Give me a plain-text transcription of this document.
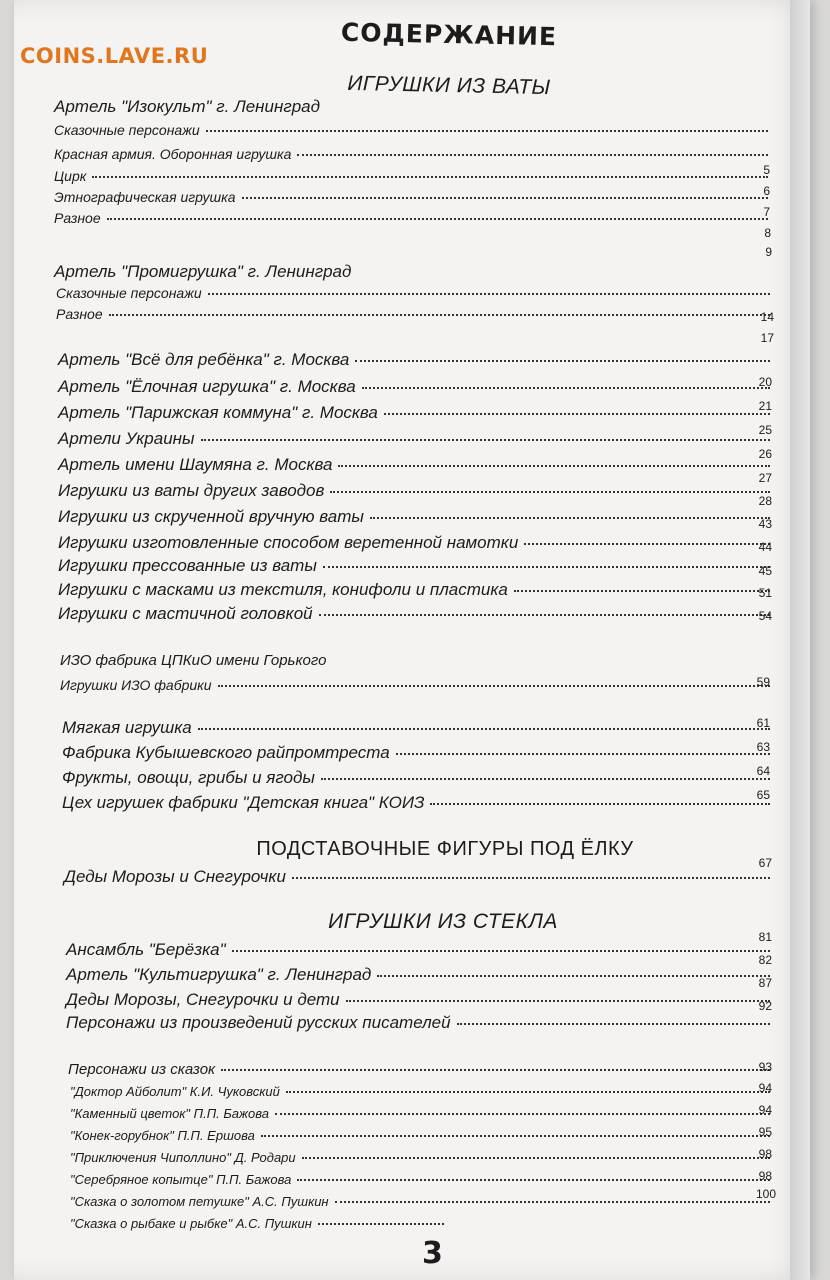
СОДЕРЖАНИЕ
ИГРУШКИ ИЗ ВАТЫ
Артель "Изокульт" г. Ленинград
Сказочные персонажи
Красная армия. Оборонная игрушка
Цирк
Этнографическая игрушка
Разное
5
6
7
8
9
Артель "Промигрушка" г. Ленинград
Сказочные персонажи
Разное	14
17
Артель "Всё для ребёнка" г. Москва
Артель "Ёлочная игрушка" г. Москва
Артель "Парижская коммуна" г. Москва
Артели Украины
Артель имени Шаумяна г. Москва
Игрушки из ваты других заводов
Игрушки из скрученной вручную ваты
Игрушки изготовленные способом веретенной намотки
Игрушки прессованные из ваты
Игрушки с масками из текстиля, конифоли и пластика
Игрушки с мастичной головкой
20
21
25
26
27
28
43
44
45
51
54
ИЗО фабрика ЦПКиО имени Горького
Игрушки ИЗО фабрики	59
Мягкая игрушка
Фабрика Кубышевского райпромтреста
Фрукты, овощи, грибы и ягоды
Цех игрушек фабрики "Детская книга" КОИЗ
61
63
64
65
ПОДСТАВОЧНЫЕ ФИГУРЫ ПОД ЁЛКУ
Деды Морозы и Снегурочки
67
ИГРУШКИ ИЗ СТЕКЛА
Ансамбль "Берёзка"
Артель "Культигрушка" г. Ленинград
Деды Морозы, Снегурочки и дети
Персонажи из произведений русских писателей
81
82
87
92
Персонажи из сказок
"Доктор Айболит" К.И. Чуковский
"Каменный цветок" П.П. Бажова
"Конек-горубнок" П.П. Ершова
"Приключения Чиполлино" Д. Родари
"Серебряное копытце" П.П. Бажова
"Сказка о золотом петушке" А.С. Пушкин
"Сказка о рыбаке и рыбке" А.С. Пушкин
93
94
94
95
98
98
100
3
COINS.LAVE.RU
